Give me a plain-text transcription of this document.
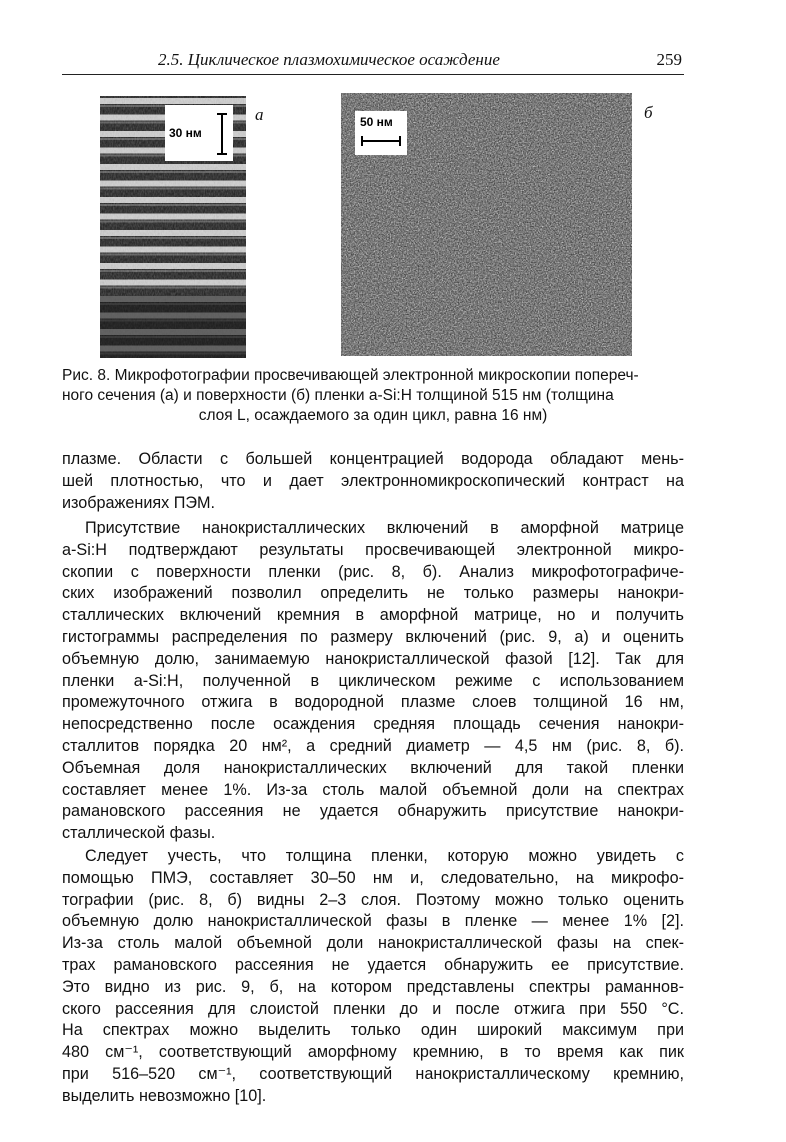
2.5. Циклическое плазмохимическое осаждение	259
30 нм
а	50 нм	б
Рис. 8. Микрофотографии просвечивающей электронной микроскопии попереч-
ного сечения (а) и поверхности (б) пленки a-Si:H толщиной 515 нм (толщина
слоя L, осаждаемого за один цикл, равна 16 нм)
плазме. Области с большей концентрацией водорода обладают мень-
шей плотностью, что и дает электронномикроскопический контраст на
изображениях ПЭМ.
Присутствие нанокристаллических включений в аморфной матрице
a-Si:H подтверждают результаты просвечивающей электронной микро-
скопии с поверхности пленки (рис. 8, б). Анализ микрофотографиче-
ских изображений позволил определить не только размеры нанокри-
сталлических включений кремния в аморфной матрице, но и получить
гистограммы распределения по размеру включений (рис. 9, а) и оценить
объемную долю, занимаемую нанокристаллической фазой [12]. Так для
пленки a-Si:H, полученной в циклическом режиме с использованием
промежуточного отжига в водородной плазме слоев толщиной 16 нм,
непосредственно после осаждения средняя площадь сечения нанокри-
сталлитов порядка 20 нм², а средний диаметр — 4,5 нм (рис. 8, б).
Объемная доля нанокристаллических включений для такой пленки
составляет менее 1%. Из-за столь малой объемной доли на спектрах
рамановского рассеяния не удается обнаружить присутствие нанокри-
сталлической фазы.
Следует учесть, что толщина пленки, которую можно увидеть с
помощью ПМЭ, составляет 30–50 нм и, следовательно, на микрофо-
тографии (рис. 8, б) видны 2–3 слоя. Поэтому можно только оценить
объемную долю нанокристаллической фазы в пленке — менее 1% [2].
Из-за столь малой объемной доли нанокристаллической фазы на спек-
трах рамановского рассеяния не удается обнаружить ее присутствие.
Это видно из рис. 9, б, на котором представлены спектры раманнов-
ского рассеяния для слоистой пленки до и после отжига при 550 °С.
На спектрах можно выделить только один широкий максимум при
480 см⁻¹, соответствующий аморфному кремнию, в то время как пик
при 516–520 см⁻¹, соответствующий нанокристаллическому кремнию,
выделить невозможно [10].
